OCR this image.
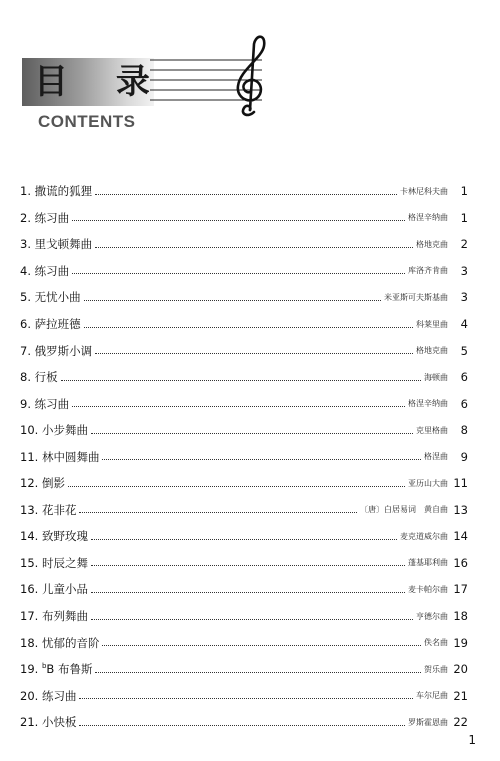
目 录
CONTENTS
1. 撒谎的狐狸	卡林尼科夫曲	1
2. 练习曲	格涅辛纳曲	1
3. 里戈顿舞曲	格地克曲	2
4. 练习曲	库洛齐肯曲	3
5. 无忧小曲	米亚斯可夫斯基曲	3
6. 萨拉班德	科莱里曲	4
7. 俄罗斯小调	格地克曲	5
8. 行板	海顿曲	6
9. 练习曲	格涅辛纳曲	6
10. 小步舞曲	克里格曲	8
11. 林中圆舞曲	格涅曲	9
12. 倒影	亚历山大曲 11
13. 花非花	〔唐〕白居易词　黄自曲 13
14. 致野玫瑰	麦克道威尔曲 14
15. 时辰之舞	蓬基耶利曲 16
16. 儿童小品	麦卡帕尔曲 17
17. 布列舞曲	亨德尔曲 18
18. 忧郁的音阶	佚名曲 19
19. $^b$B 布鲁斯	贺乐曲 20
20. 练习曲	车尔尼曲 21
21. 小快板	罗斯霍恩曲 22
1
